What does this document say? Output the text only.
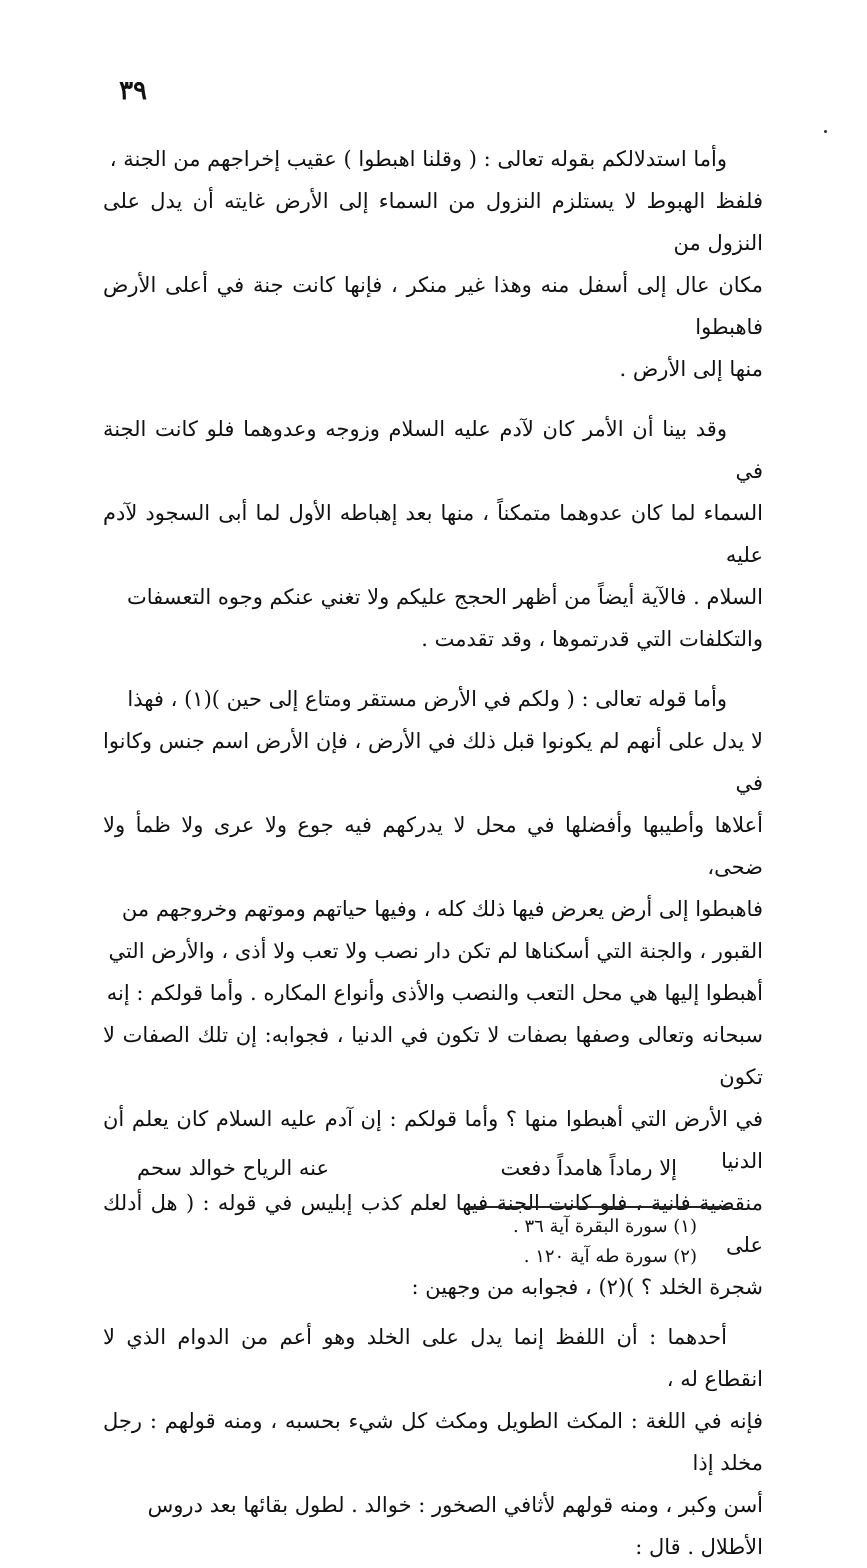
٣٩

وأما استدلالكم بقوله تعالى : ( وقلنا اهبطوا ) عقيب إخراجهم من الجنة ،

فلفظ الهبوط لا يستلزم النزول من السماء إلى الأرض غايته أن يدل على النزول من

مكان عال إلى أسفل منه وهذا غير منكر ، فإنها كانت جنة في أعلى الأرض فاهبطوا

منها إلى الأرض .

وقد بينا أن الأمر كان لآدم عليه السلام وزوجه وعدوهما فلو كانت الجنة في

السماء لما كان عدوهما متمكناً ، منها بعد إهباطه الأول لما أبى السجود لآدم عليه

السلام . فالآية أيضاً من أظهر الحجج عليكم ولا تغني عنكم وجوه التعسفات

والتكلفات التي قدرتموها ، وقد تقدمت .

وأما قوله تعالى : ( ولكم في الأرض مستقر ومتاع إلى حين )(١) ، فهذا

لا يدل على أنهم لم يكونوا قبل ذلك في الأرض ، فإن الأرض اسم جنس وكانوا في

أعلاها وأطيبها وأفضلها في محل لا يدركهم فيه جوع ولا عرى ولا ظمأ ولا ضحى،

فاهبطوا إلى أرض يعرض فيها ذلك كله ، وفيها حياتهم وموتهم وخروجهم من

القبور ، والجنة التي أسكناها لم تكن دار نصب ولا تعب ولا أذى ، والأرض التي

أهبطوا إليها هي محل التعب والنصب والأذى وأنواع المكاره . وأما قولكم : إنه

سبحانه وتعالى وصفها بصفات لا تكون في الدنيا ، فجوابه: إن تلك الصفات لا تكون

في الأرض التي أهبطوا منها ؟ وأما قولكم : إن آدم عليه السلام كان يعلم أن الدنيا

منقضية فانية ، فلو كانت الجنة فيها لعلم كذب إبليس في قوله : ( هل أدلك على

شجرة الخلد ؟ )(٢) ، فجوابه من وجهين :

أحدهما : أن اللفظ إنما يدل على الخلد وهو أعم من الدوام الذي لا انقطاع له ،

فإنه في اللغة : المكث الطويل ومكث كل شيء بحسبه ، ومنه قولهم : رجل مخلد إذا

أسن وكبر ، ومنه قولهم لأثافي الصخور : خوالد . لطول بقائها بعد دروس

الأطلال . قال :

إلا رماداً هامداً دفعت
عنه الرياح خوالد سحم
(١) سورة البقرة آية ٣٦ .
(٢) سورة طه آية ١٢٠ .
